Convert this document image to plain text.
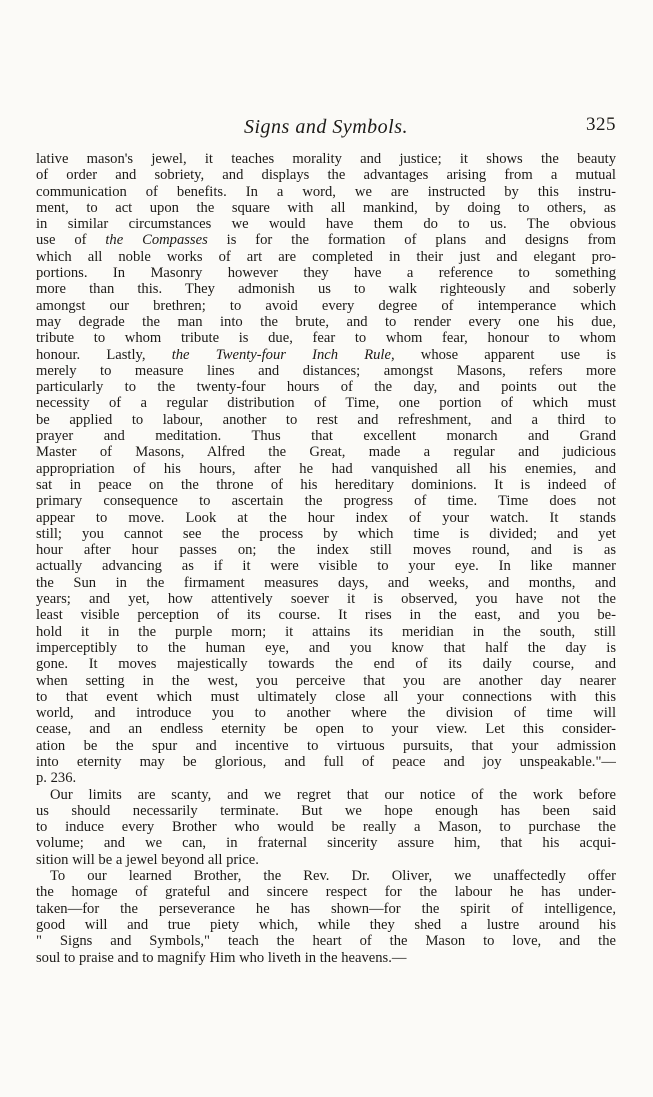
Signs and Symbols.	325
lative mason's jewel, it teaches morality and justice; it shows the beauty
of order and sobriety, and displays the advantages arising from a mutual
communication of benefits. In a word, we are instructed by this instru-
ment, to act upon the square with all mankind, by doing to others, as
in similar circumstances we would have them do to us. The obvious
use of the Compasses is for the formation of plans and designs from
which all noble works of art are completed in their just and elegant pro-
portions. In Masonry however they have a reference to something
more than this. They admonish us to walk righteously and soberly
amongst our brethren; to avoid every degree of intemperance which
may degrade the man into the brute, and to render every one his due,
tribute to whom tribute is due, fear to whom fear, honour to whom
honour. Lastly, the Twenty-four Inch Rule, whose apparent use is
merely to measure lines and distances; amongst Masons, refers more
particularly to the twenty-four hours of the day, and points out the
necessity of a regular distribution of Time, one portion of which must
be applied to labour, another to rest and refreshment, and a third to
prayer and meditation. Thus that excellent monarch and Grand
Master of Masons, Alfred the Great, made a regular and judicious
appropriation of his hours, after he had vanquished all his enemies, and
sat in peace on the throne of his hereditary dominions. It is indeed of
primary consequence to ascertain the progress of time. Time does not
appear to move. Look at the hour index of your watch. It stands
still; you cannot see the process by which time is divided; and yet
hour after hour passes on; the index still moves round, and is as
actually advancing as if it were visible to your eye. In like manner
the Sun in the firmament measures days, and weeks, and months, and
years; and yet, how attentively soever it is observed, you have not the
least visible perception of its course. It rises in the east, and you be-
hold it in the purple morn; it attains its meridian in the south, still
imperceptibly to the human eye, and you know that half the day is
gone. It moves majestically towards the end of its daily course, and
when setting in the west, you perceive that you are another day nearer
to that event which must ultimately close all your connections with this
world, and introduce you to another where the division of time will
cease, and an endless eternity be open to your view. Let this consider-
ation be the spur and incentive to virtuous pursuits, that your admission
into eternity may be glorious, and full of peace and joy unspeakable."—
p. 236.
Our limits are scanty, and we regret that our notice of the work before
us should necessarily terminate. But we hope enough has been said
to induce every Brother who would be really a Mason, to purchase the
volume; and we can, in fraternal sincerity assure him, that his acqui-
sition will be a jewel beyond all price.
To our learned Brother, the Rev. Dr. Oliver, we unaffectedly offer
the homage of grateful and sincere respect for the labour he has under-
taken—for the perseverance he has shown—for the spirit of intelligence,
good will and true piety which, while they shed a lustre around his
" Signs and Symbols," teach the heart of the Mason to love, and the
soul to praise and to magnify Him who liveth in the heavens.—
